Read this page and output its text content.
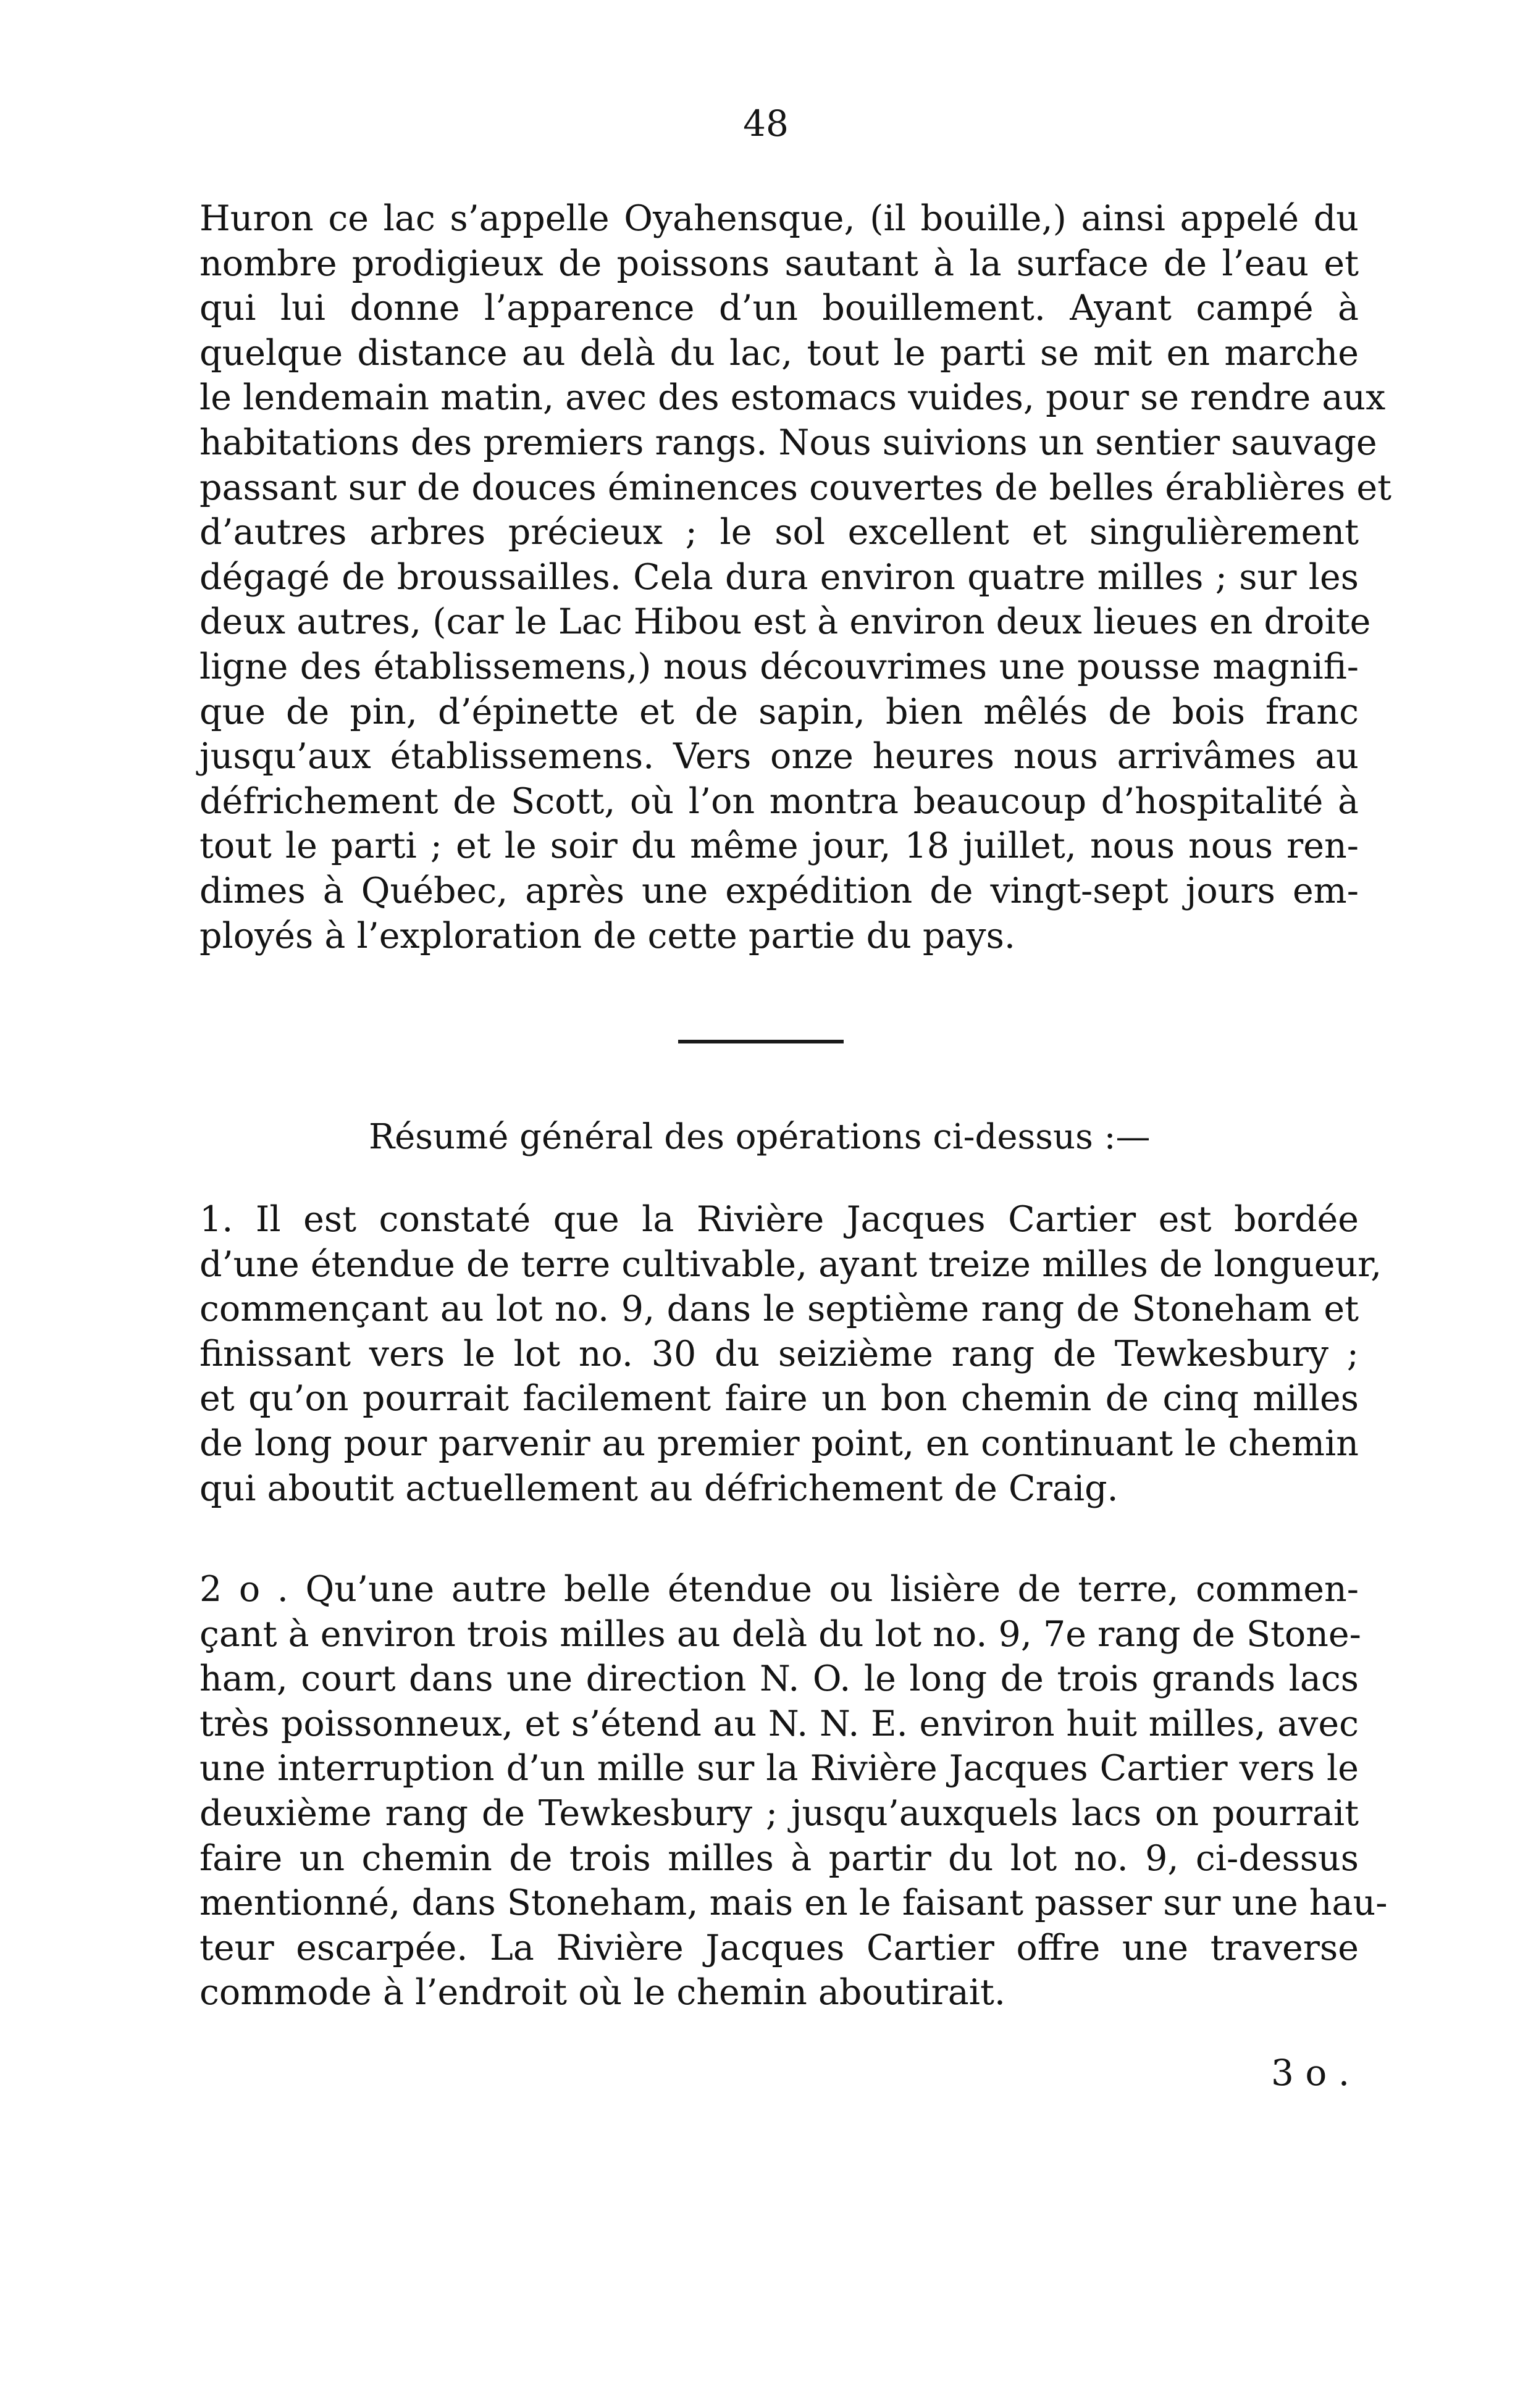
48
Huron ce lac s’appelle Oyahensque, (il bouille,) ainsi appelé du
nombre prodigieux de poissons sautant à la surface de l’eau et
qui lui donne l’apparence d’un bouillement. Ayant campé à
quelque distance au delà du lac, tout le parti se mit en marche
le lendemain matin, avec des estomacs vuides, pour se rendre aux
habitations des premiers rangs. Nous suivions un sentier sauvage
passant sur de douces éminences couvertes de belles érablières et
d’autres arbres précieux ; le sol excellent et singulièrement
dégagé de broussailles. Cela dura environ quatre milles ; sur les
deux autres, (car le Lac Hibou est à environ deux lieues en droite
ligne des établissemens,) nous découvrimes une pousse magnifi-
que de pin, d’épinette et de sapin, bien mêlés de bois franc
jusqu’aux établissemens. Vers onze heures nous arrivâmes au
défrichement de Scott, où l’on montra beaucoup d’hospitalité à
tout le parti ; et le soir du même jour, 18 juillet, nous nous ren-
dimes à Québec, après une expédition de vingt-sept jours em-
ployés à l’exploration de cette partie du pays.
Résumé général des opérations ci-dessus :—
1. Il est constaté que la Rivière Jacques Cartier est bordée
d’une étendue de terre cultivable, ayant treize milles de longueur,
commençant au lot no. 9, dans le septième rang de Stoneham et
finissant vers le lot no. 30 du seizième rang de Tewkesbury ;
et qu’on pourrait facilement faire un bon chemin de cinq milles
de long pour parvenir au premier point, en continuant le chemin
qui aboutit actuellement au défrichement de Craig.
2 o . Qu’une autre belle étendue ou lisière de terre, commen-
çant à environ trois milles au delà du lot no. 9, 7e rang de Stone-
ham, court dans une direction N. O. le long de trois grands lacs
très poissonneux, et s’étend au N. N. E. environ huit milles, avec
une interruption d’un mille sur la Rivière Jacques Cartier vers le
deuxième rang de Tewkesbury ; jusqu’auxquels lacs on pourrait
faire un chemin de trois milles à partir du lot no. 9, ci-dessus
mentionné, dans Stoneham, mais en le faisant passer sur une hau-
teur escarpée. La Rivière Jacques Cartier offre une traverse
commode à l’endroit où le chemin aboutirait.
3 o .
